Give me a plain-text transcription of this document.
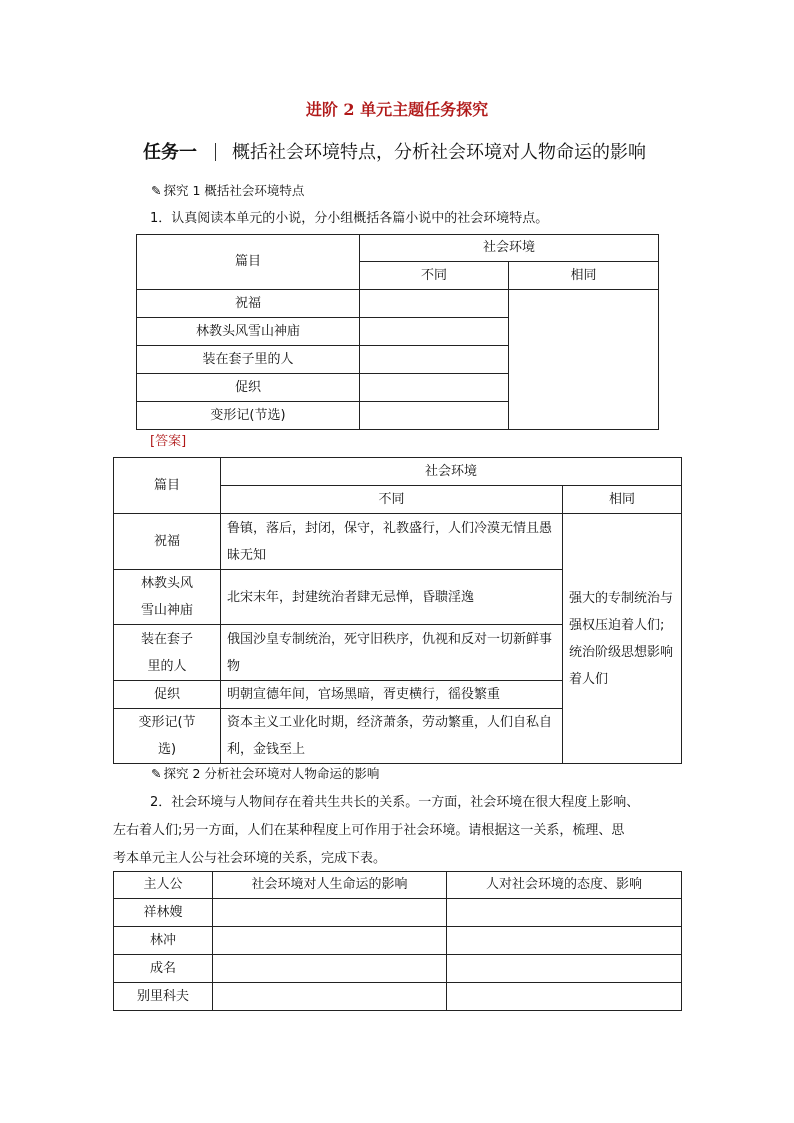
进阶 2 单元主题任务探究
任务一 概括社会环境特点，分析社会环境对人物命运的影响
✎ 探究 1 概括社会环境特点
1．认真阅读本单元的小说，分小组概括各篇小说中的社会环境特点。
篇目	社会环境	
	不同	相同
祝福		
林教头风雪山神庙		
装在套子里的人		
促织		
变形记(节选)		
[答案]
篇目	社会环境	
	不同	相同
祝福	鲁镇，落后，封闭，保守，礼教盛行，人们冷漠无情且愚昧无知	强大的专制统治与强权压迫着人们;统治阶级思想影响着人们
林教头风雪山神庙	北宋末年，封建统治者肆无忌惮，昏聩淫逸	
装在套子里的人	俄国沙皇专制统治，死守旧秩序，仇视和反对一切新鲜事物	
促织	明朝宣德年间，官场黑暗，胥吏横行，徭役繁重	
变形记(节选)	资本主义工业化时期，经济萧条，劳动繁重，人们自私自利，金钱至上	
✎ 探究 2 分析社会环境对人物命运的影响
2．社会环境与人物间存在着共生共长的关系。一方面，社会环境在很大程度上影响、
左右着人们;另一方面，人们在某种程度上可作用于社会环境。请根据这一关系，梳理、思
考本单元主人公与社会环境的关系，完成下表。
主人公	社会环境对人生命运的影响	人对社会环境的态度、影响
祥林嫂		
林冲		
成名		
别里科夫		
